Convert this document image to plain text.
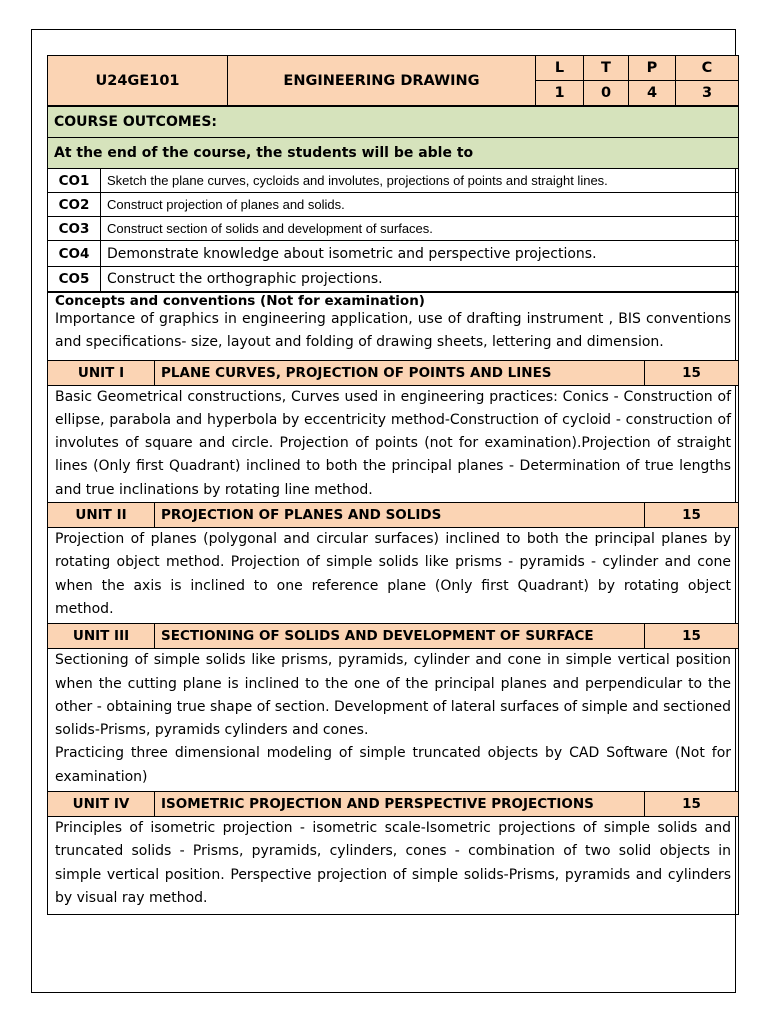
U24GE101	ENGINEERING DRAWING	L	T	P	C
		1	0	4	3
COURSE OUTCOMES:	
At the end of the course, the students will be able to	
CO1	Sketch the plane curves, cycloids and involutes, projections of points and straight lines.
CO2	Construct projection of planes and solids.
CO3	Construct section of solids and development of surfaces.
CO4	Demonstrate knowledge about isometric and perspective projections.
CO5	Construct the orthographic projections.
Concepts and conventions (Not for examination)
Importance of graphics in engineering application, use of drafting instrument , BIS conventions and specifications- size, layout and folding of drawing sheets, lettering and dimension.		

UNIT I	PLANE CURVES, PROJECTION OF POINTS AND LINES	15
Basic Geometrical constructions, Curves used in engineering practices: Conics - Construction of ellipse, parabola and hyperbola by eccentricity method-Construction of cycloid - construction of involutes of square and circle. Projection of points (not for examination).Projection of straight lines (Only first Quadrant) inclined to both the principal planes - Determination of true lengths and true inclinations by rotating line method.		
UNIT II	PROJECTION OF PLANES AND SOLIDS	15
Projection of planes (polygonal and circular surfaces) inclined to both the principal planes by rotating object method. Projection of simple solids like prisms - pyramids - cylinder and cone when the axis is inclined to one reference plane (Only first Quadrant) by rotating object method.		
UNIT III	SECTIONING OF SOLIDS AND DEVELOPMENT OF SURFACE	15

Sectioning of simple solids like prisms, pyramids, cylinder and cone in simple vertical position when the cutting plane is inclined to the one of the principal planes and perpendicular to the other - obtaining true shape of section. Development of lateral surfaces of simple and sectioned solids-Prisms, pyramids cylinders and cones.
Practicing three dimensional modeling of simple truncated objects by CAD Software (Not for examination)		

UNIT IV	ISOMETRIC PROJECTION AND PERSPECTIVE PROJECTIONS	15
Principles of isometric projection - isometric scale-Isometric projections of simple solids and truncated solids - Prisms, pyramids, cylinders, cones - combination of two solid objects in simple vertical position. Perspective projection of simple solids-Prisms, pyramids and cylinders by visual ray method.		
